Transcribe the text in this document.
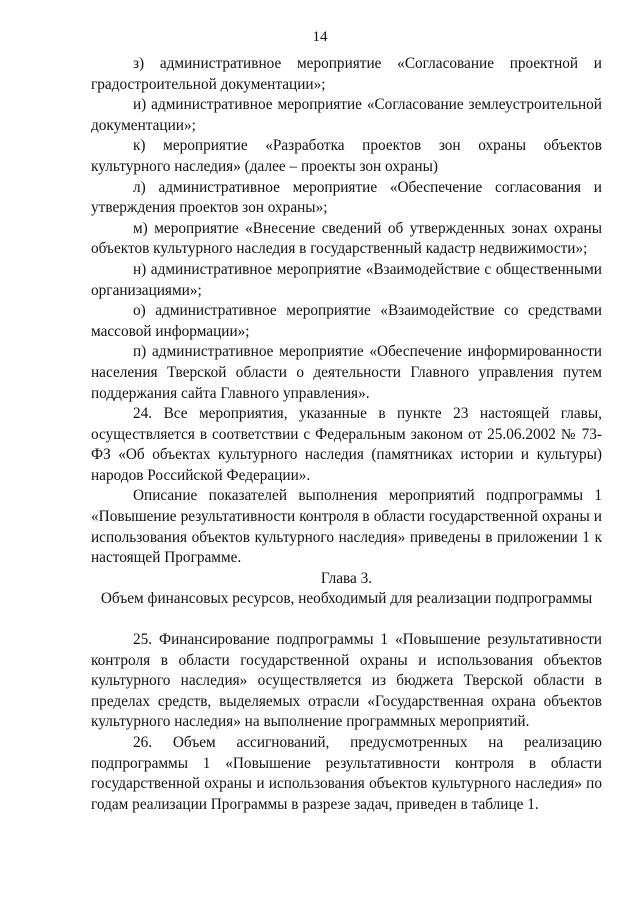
14

з) административное мероприятие «Согласование проектной и градостроительной документации»;

и) административное мероприятие «Согласование землеустроительной документации»;

к) мероприятие «Разработка проектов зон охраны объектов культурного наследия» (далее – проекты зон охраны)

л) административное мероприятие «Обеспечение согласования и утверждения проектов зон охраны»;

м) мероприятие «Внесение сведений об утвержденных зонах охраны объектов культурного наследия в государственный кадастр недвижимости»;

н) административное мероприятие «Взаимодействие с общественными организациями»;

о) административное мероприятие «Взаимодействие со средствами массовой информации»;

п) административное мероприятие «Обеспечение информированности населения Тверской области о деятельности Главного управления путем поддержания сайта Главного управления».

24. Все мероприятия, указанные в пункте 23 настоящей главы, осуществляется в соответствии с Федеральным законом от 25.06.2002 № 73-ФЗ «Об объектах культурного наследия (памятниках истории и культуры) народов Российской Федерации».

Описание показателей выполнения мероприятий подпрограммы 1 «Повышение результативности контроля в области государственной охраны и использования объектов культурного наследия» приведены в приложении 1 к настоящей Программе.

Глава 3.

Объем финансовых ресурсов, необходимый для реализации подпрограммы

25. Финансирование подпрограммы 1 «Повышение результативности контроля в области государственной охраны и использования объектов культурного наследия» осуществляется из бюджета Тверской области в пределах средств, выделяемых отрасли «Государственная охрана объектов культурного наследия» на выполнение программных мероприятий.

26. Объем ассигнований, предусмотренных на реализацию подпрограммы 1 «Повышение результативности контроля в области государственной охраны и использования объектов культурного наследия» по годам реализации Программы в разрезе задач, приведен в таблице 1.
